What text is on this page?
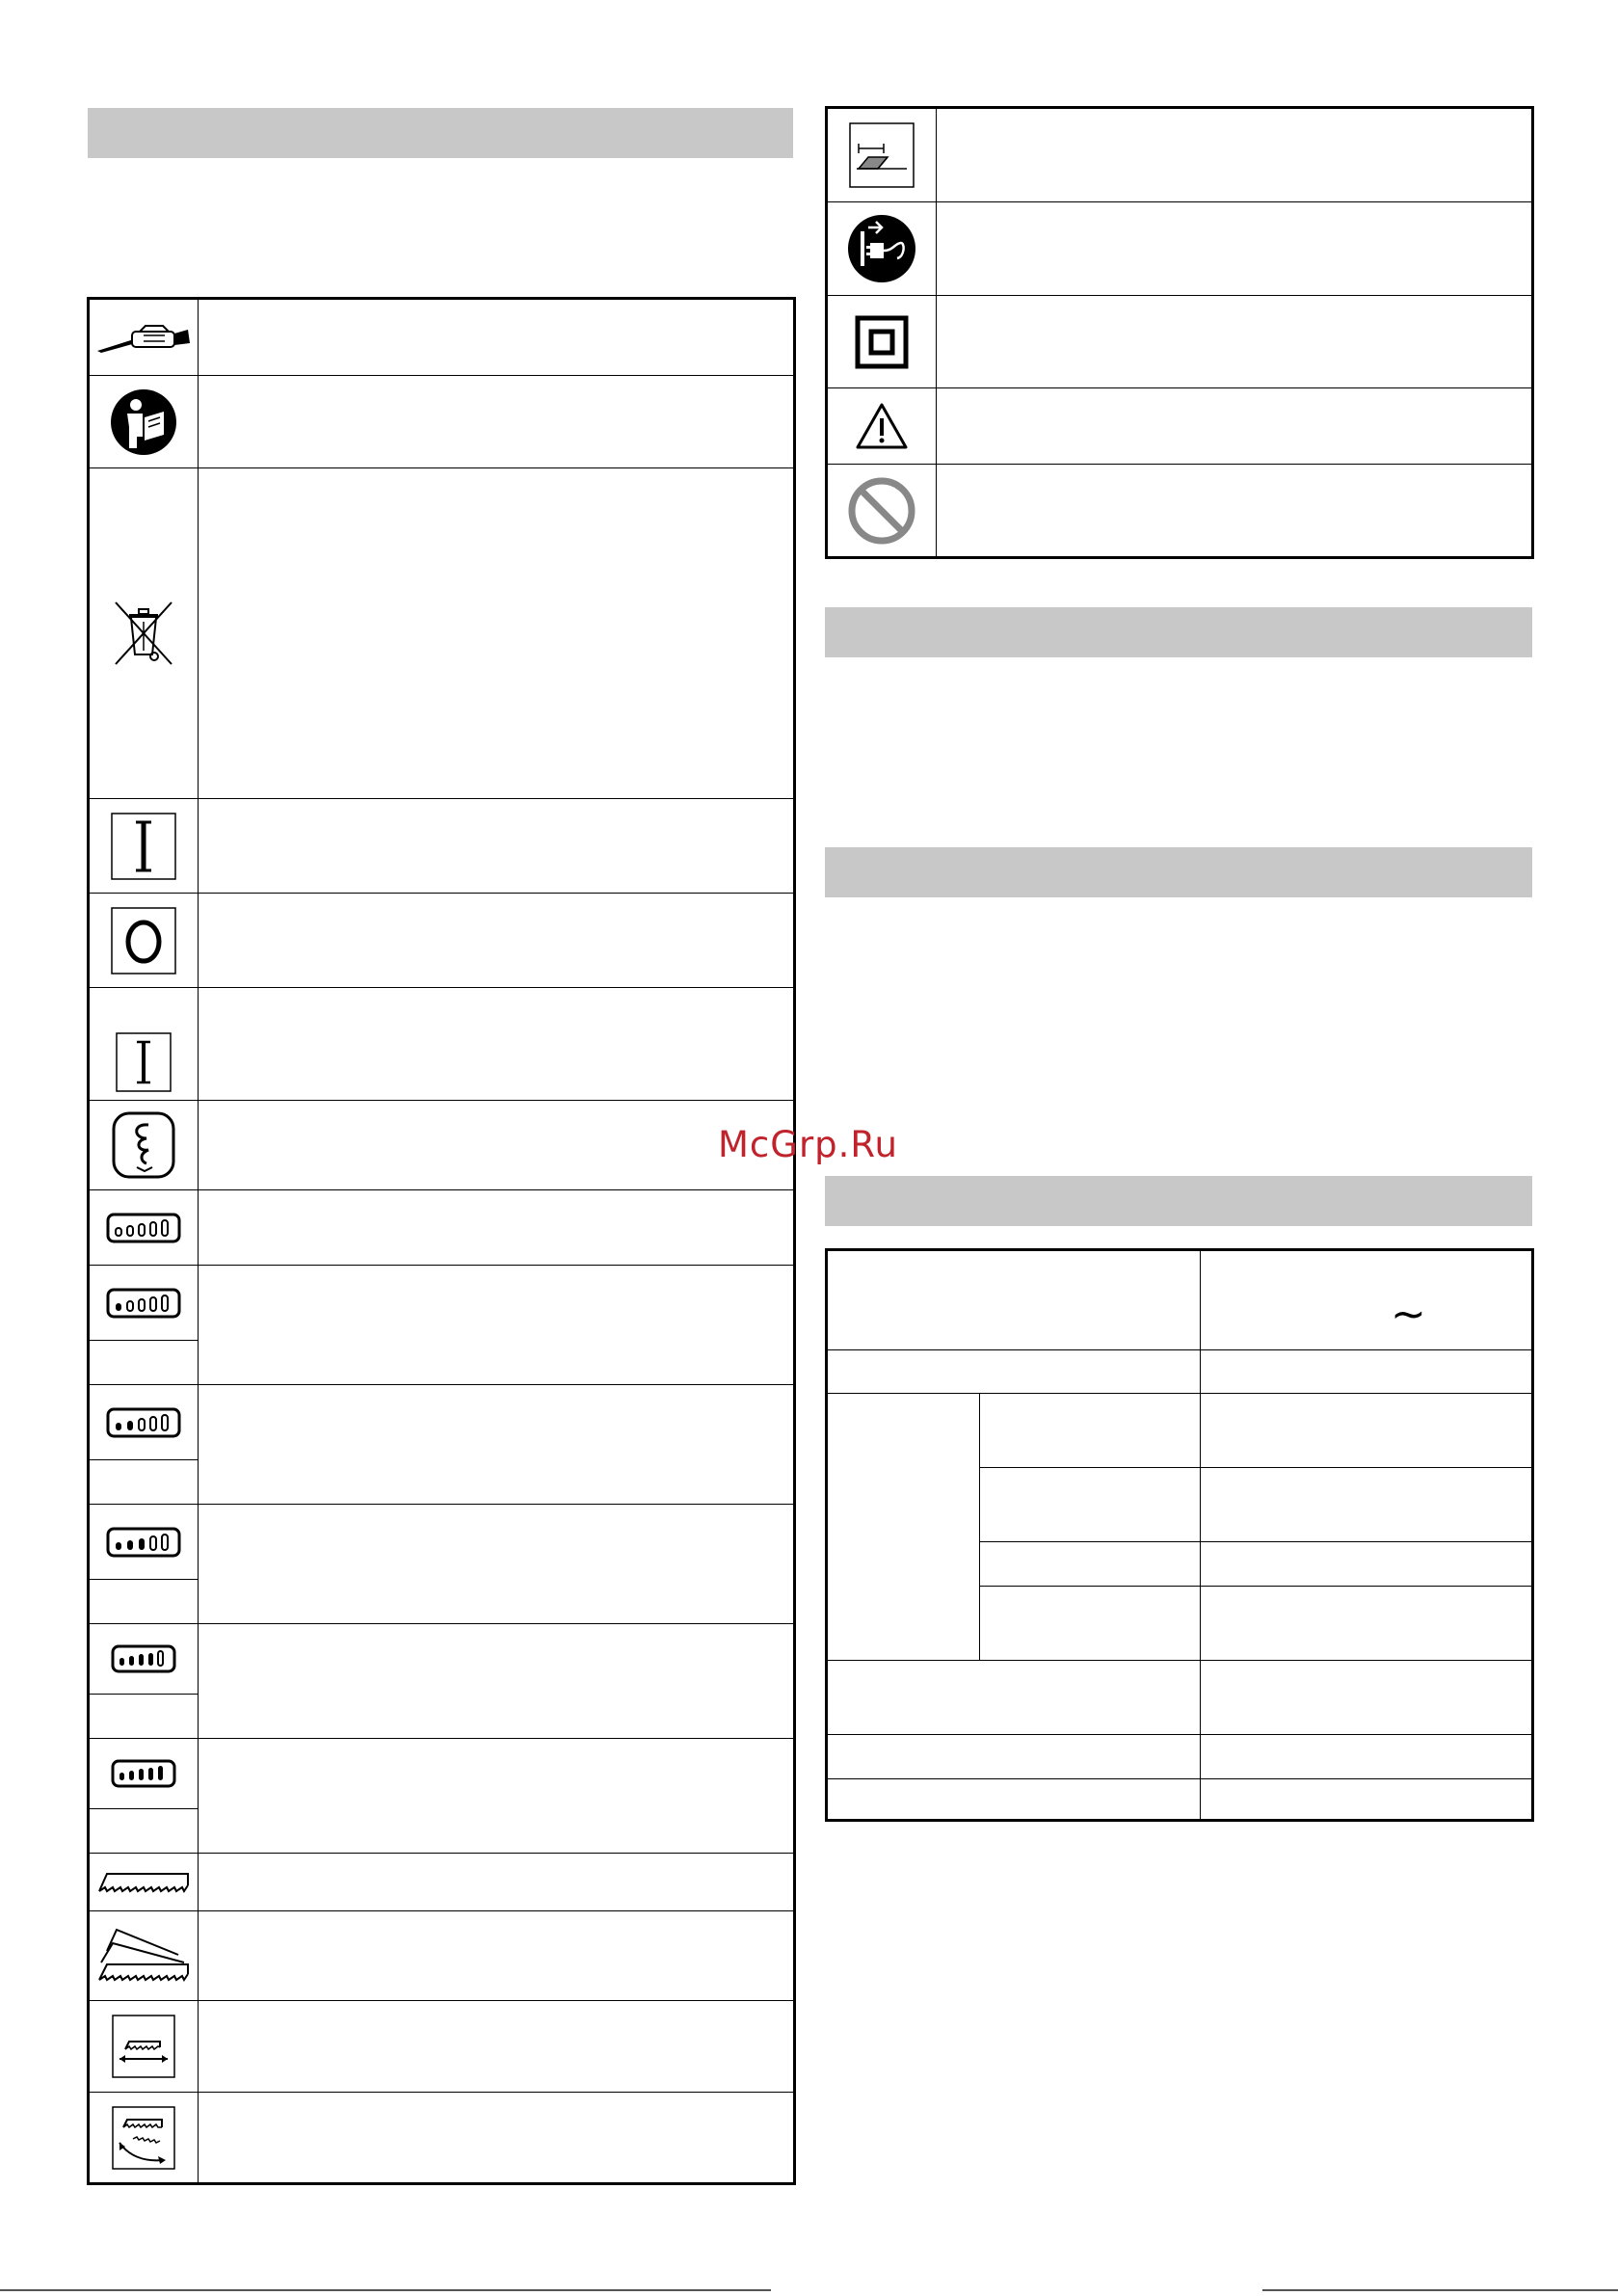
McGrp.Ru

		~
